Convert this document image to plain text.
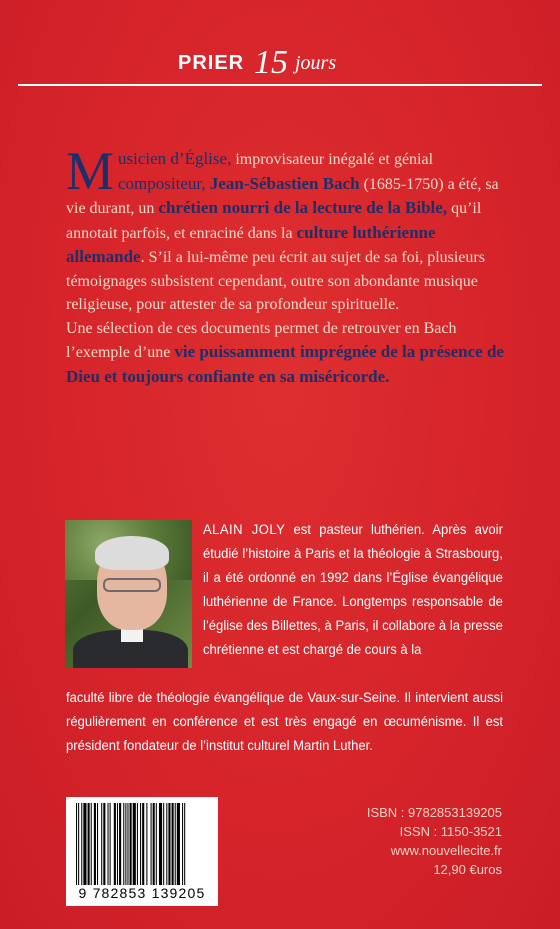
PRIER 15 jours
M usicien d’Église, improvisateur inégalé et génial compositeur, Jean-Sébastien Bach (1685-1750) a été, sa vie durant, un chrétien nourri de la lecture de la Bible, qu’il annotait parfois, et enraciné dans la culture luthérienne allemande. S’il a lui-même peu écrit au sujet de sa foi, plusieurs témoignages subsistent cependant, outre son abondante musique religieuse, pour attester de sa profondeur spirituelle.
Une sélection de ces documents permet de retrouver en Bach l’exemple d’une vie puissamment imprégnée de la présence de Dieu et toujours confiante en sa miséricorde.
ALAIN JOLY est pasteur luthérien. Après avoir étudié l’histoire à Paris et la théologie à Strasbourg, il a été ordonné en 1992 dans l’Église évangélique luthérienne de France. Longtemps responsable de l’église des Billettes, à Paris, il collabore à la presse chrétienne et est chargé de cours à la
faculté libre de théologie évangélique de Vaux-sur-Seine. Il intervient aussi régulièrement en conférence et est très engagé en œcuménisme. Il est président fondateur de l’institut culturel Martin Luther.
9 782853 139205
ISBN : 9782853139205
ISSN : 1150-3521
www.nouvellecite.fr
12,90 €uros
